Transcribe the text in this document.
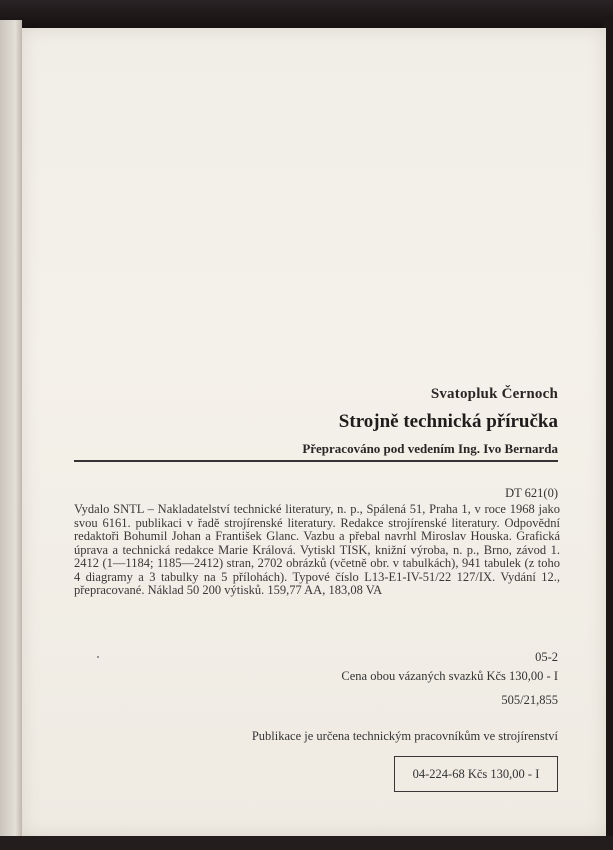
Svatopluk Černoch
Strojně technická příručka
Přepracováno pod vedením Ing. Ivo Bernarda
DT 621(0)
Vydalo SNTL – Nakladatelství technické literatury, n. p., Spálená 51, Praha 1, v roce 1968 jako svou 6161. publikaci v řadě strojírenské literatury. Redakce strojírenské literatury. Odpovědní redaktoři Bohumil Johan a František Glanc. Vazbu a přebal navrhl Miroslav Houska. Grafická úprava a technická redakce Marie Králová. Vytiskl TISK, knižní výroba, n. p., Brno, závod 1. 2412 (1—1184; 1185—2412) stran, 2702 obrázků (včetně obr. v tabulkách), 941 tabulek (z toho 4 diagramy a 3 tabulky na 5 přílohách). Typové číslo L13-E1-IV-51/22 127/IX. Vydání 12., přepracované. Náklad 50 200 výtisků. 159,77 AA, 183,08 VA
05-2
Cena obou vázaných svazků Kčs 130,00 - I
505/21,855
Publikace je určena technickým pracovníkům ve strojírenství
04-224-68 Kčs 130,00 - I
